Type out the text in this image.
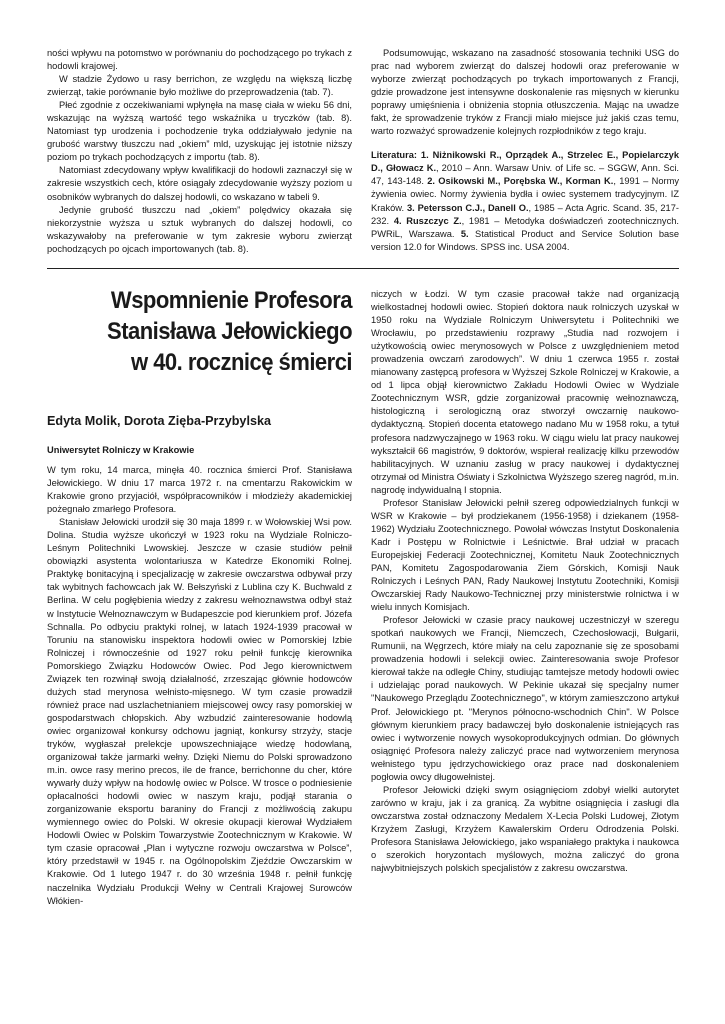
ności wpływu na potomstwo w porównaniu do pochodzącego po trykach z hodowli krajowej.

W stadzie Żydowo u rasy berrichon, ze względu na większą liczbę zwierząt, takie porównanie było możliwe do przeprowadzenia (tab. 7).

Płeć zgodnie z oczekiwaniami wpłynęła na masę ciała w wieku 56 dni, wskazując na wyższą wartość tego wskaźnika u tryczków (tab. 8). Natomiast typ urodzenia i pochodzenie tryka oddziaływało jedynie na grubość warstwy tłuszczu nad „okiem” mld, uzyskując jej istotnie niższy poziom po trykach pochodzących z importu (tab. 8).

Natomiast zdecydowany wpływ kwalifikacji do hodowli zaznaczył się w zakresie wszystkich cech, które osiągały zdecydowanie wyższy poziom u osobników wybranych do dalszej hodowli, co wskazano w tabeli 9.

Jedynie grubość tłuszczu nad „okiem” polędwicy okazała się niekorzystnie wyższa u sztuk wybranych do dalszej hodowli, co wskazywałoby na preferowanie w tym zakresie wyboru zwierząt pochodzących po ojcach importowanych (tab. 8).

Podsumowując, wskazano na zasadność stosowania techniki USG do prac nad wyborem zwierząt do dalszej hodowli oraz preferowanie w wyborze zwierząt pochodzących po trykach importowanych z Francji, gdzie prowadzone jest intensywne doskonalenie ras mięsnych w kierunku poprawy umięśnienia i obniżenia stopnia otłuszczenia. Mając na uwadze fakt, że sprowadzenie tryków z Francji miało miejsce już jakiś czas temu, warto rozważyć sprowadzenie kolejnych rozpłodników z tego kraju.

Literatura: 1. Niżnikowski R., Oprządek A., Strzelec E., Popielarczyk D., Głowacz K., 2010 – Ann. Warsaw Univ. of Life sc. – SGGW, Ann. Sci. 47, 143-148. 2. Osikowski M., Porębska W., Korman K., 1991 – Normy żywienia owiec. Normy żywienia bydła i owiec systemem tradycyjnym. IZ Kraków. 3. Petersson C.J., Danell O., 1985 – Acta Agric. Scand. 35, 217-232. 4. Ruszczyc Z., 1981 – Metodyka doświadczeń zootechnicznych. PWRiL, Warszawa. 5. Statistical Product and Service Solution base version 12.0 for Windows. SPSS inc. USA 2004.

Wspomnienie Profesora
Stanisława Jełowickiego
w 40. rocznicę śmierci
Edyta Molik, Dorota Zięba-Przybylska
Uniwersytet Rolniczy w Krakowie

W tym roku, 14 marca, minęła 40. rocznica śmierci Prof. Stanisława Jełowickiego. W dniu 17 marca 1972 r. na cmentarzu Rakowickim w Krakowie grono przyjaciół, współpracowników i młodzieży akademickiej pożegnało zmarłego Profesora.

Stanisław Jełowicki urodził się 30 maja 1899 r. w Wołowskiej Wsi pow. Dolina. Studia wyższe ukończył w 1923 roku na Wydziale Rolniczo-Leśnym Politechniki Lwowskiej. Jeszcze w czasie studiów pełnił obowiązki asystenta wolontariusza w Katedrze Ekonomiki Rolnej. Praktykę bonitacyjną i specjalizację w zakresie owczarstwa odbywał przy tak wybitnych fachowcach jak W. Bełszyński z Lublina czy K. Buchwald z Berlina. W celu pogłębienia wiedzy z zakresu wełnoznawstwa odbył staż w Instytucie Wełnoznawczym w Budapeszcie pod kierunkiem prof. Józefa Schnalla. Po odbyciu praktyki rolnej, w latach 1924-1939 pracował w Toruniu na stanowisku inspektora hodowli owiec w Pomorskiej Izbie Rolniczej i równocześnie od 1927 roku pełnił funkcję kierownika Pomorskiego Związku Hodowców Owiec. Pod Jego kierownictwem Związek ten rozwinął swoją działalność, zrzeszając głównie hodowców dużych stad merynosa wełnisto-mięsnego. W tym czasie prowadził również prace nad uszlachetnianiem miejscowej owcy rasy pomorskiej w gospodarstwach chłopskich. Aby wzbudzić zainteresowanie hodowlą owiec organizował konkursy odchowu jagniąt, konkursy strzyży, stacje tryków, wygłaszał prelekcje upowszechniające wiedzę hodowlaną, organizował także jarmarki wełny. Dzięki Niemu do Polski sprowadzono m.in. owce rasy merino precos, ile de france, berrichonne du cher, które wywarły duży wpływ na hodowlę owiec w Polsce. W trosce o podniesienie opłacalności hodowli owiec w naszym kraju, podjął starania o zorganizowanie eksportu baraniny do Francji z możliwością zakupu wymiennego owiec do Polski. W okresie okupacji kierował Wydziałem Hodowli Owiec w Polskim Towarzystwie Zootechnicznym w Krakowie. W tym czasie opracował „Plan i wytyczne rozwoju owczarstwa w Polsce”, który przedstawił w 1945 r. na Ogólnopolskim Zjeździe Owczarskim w Krakowie. Od 1 lutego 1947 r. do 30 września 1948 r. pełnił funkcję naczelnika Wydziału Produkcji Wełny w Centrali Krajowej Surowców Włókien-

niczych w Łodzi. W tym czasie pracował także nad organizacją wielkostadnej hodowli owiec. Stopień doktora nauk rolniczych uzyskał w 1950 roku na Wydziale Rolniczym Uniwersytetu i Politechniki we Wrocławiu, po przedstawieniu rozprawy „Studia nad rozwojem i użytkowością owiec merynosowych w Polsce z uwzględnieniem metod prowadzenia owczarń zarodowych”. W dniu 1 czerwca 1955 r. został mianowany zastępcą profesora w Wyższej Szkole Rolniczej w Krakowie, a od 1 lipca objął kierownictwo Zakładu Hodowli Owiec w Wydziale Zootechnicznym WSR, gdzie zorganizował pracownię wełnoznawczą, histologiczną i serologiczną oraz stworzył owczarnię naukowo-dydaktyczną. Stopień docenta etatowego nadano Mu w 1958 roku, a tytuł profesora nadzwyczajnego w 1963 roku. W ciągu wielu lat pracy naukowej wykształcił 66 magistrów, 9 doktorów, wspierał realizację kilku przewodów habilitacyjnych. W uznaniu zasług w pracy naukowej i dydaktycznej otrzymał od Ministra Oświaty i Szkolnictwa Wyższego szereg nagród, m.in. nagrodę indywidualną I stopnia.

Profesor Stanisław Jełowicki pełnił szereg odpowiedzialnych funkcji w WSR w Krakowie – był prodziekanem (1956-1958) i dziekanem (1958-1962) Wydziału Zootechnicznego. Powołał wówczas Instytut Doskonalenia Kadr i Postępu w Rolnictwie i Leśnictwie. Brał udział w pracach Europejskiej Federacji Zootechnicznej, Komitetu Nauk Zootechnicznych PAN, Komitetu Zagospodarowania Ziem Górskich, Komisji Nauk Rolniczych i Leśnych PAN, Rady Naukowej Instytutu Zootechniki, Komisji Owczarskiej Rady Naukowo-Technicznej przy ministerstwie rolnictwa i w wielu innych Komisjach.

Profesor Jełowicki w czasie pracy naukowej uczestniczył w szeregu spotkań naukowych we Francji, Niemczech, Czechosłowacji, Bułgarii, Rumunii, na Węgrzech, które miały na celu zapoznanie się ze sposobami prowadzenia hodowli i selekcji owiec. Zainteresowania swoje Profesor kierował także na odległe Chiny, studiując tamtejsze metody hodowli owiec i udzielając porad naukowych. W Pekinie ukazał się specjalny numer "Naukowego Przeglądu Zootechnicznego", w którym zamieszczono artykuł Prof. Jełowickiego pt. "Merynos północno-wschodnich Chin". W Polsce głównym kierunkiem pracy badawczej było doskonalenie istniejących ras owiec i wytworzenie nowych wysokoprodukcyjnych odmian. Do głównych osiągnięć Profesora należy zaliczyć prace nad wytworzeniem merynosa wełnistego typu jędrzychowickiego oraz prace nad doskonaleniem pogłowia owcy długowełnistej.

Profesor Jełowicki dzięki swym osiągnięciom zdobył wielki autorytet zarówno w kraju, jak i za granicą. Za wybitne osiągnięcia i zasługi dla owczarstwa został odznaczony Medalem X-Lecia Polski Ludowej, Złotym Krzyżem Zasługi, Krzyżem Kawalerskim Orderu Odrodzenia Polski. Profesora Stanisława Jełowickiego, jako wspaniałego praktyka i naukowca o szerokich horyzontach myślowych, można zaliczyć do grona najwybitniejszych polskich specjalistów z zakresu owczarstwa.
